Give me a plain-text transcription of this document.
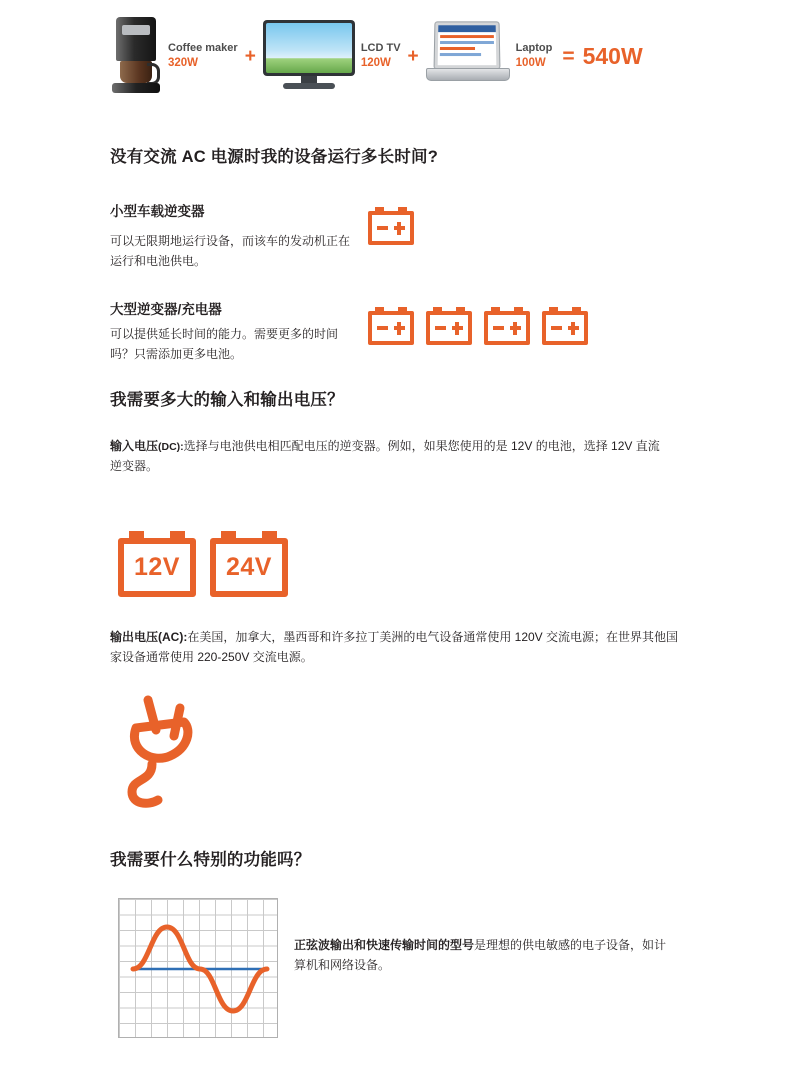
Coffee maker
320W	+	LCD TV
120W +	Laptop
100W = 540W
没有交流 AC 电源时我的设备运行多长时间?
小型车载逆变器
可以无限期地运行设备，而该车的发动机正在运行和电池供电。
大型逆变器/充电器
可以提供延长时间的能力。需要更多的时间吗？只需添加更多电池。
我需要多大的输入和输出电压？
输入电压(DC):选择与电池供电相匹配电压的逆变器。例如，如果您使用的是 12V 的电池，选择 12V 直流逆变器。
12V 24V
输出电压(AC):在美国，加拿大，墨西哥和许多拉丁美洲的电气设备通常使用 120V 交流电源；在世界其他国家设备通常使用 220-250V 交流电源。
我需要什么特别的功能吗？
正弦波输出和快速传输时间的型号是理想的供电敏感的电子设备，如计算机和网络设备。
